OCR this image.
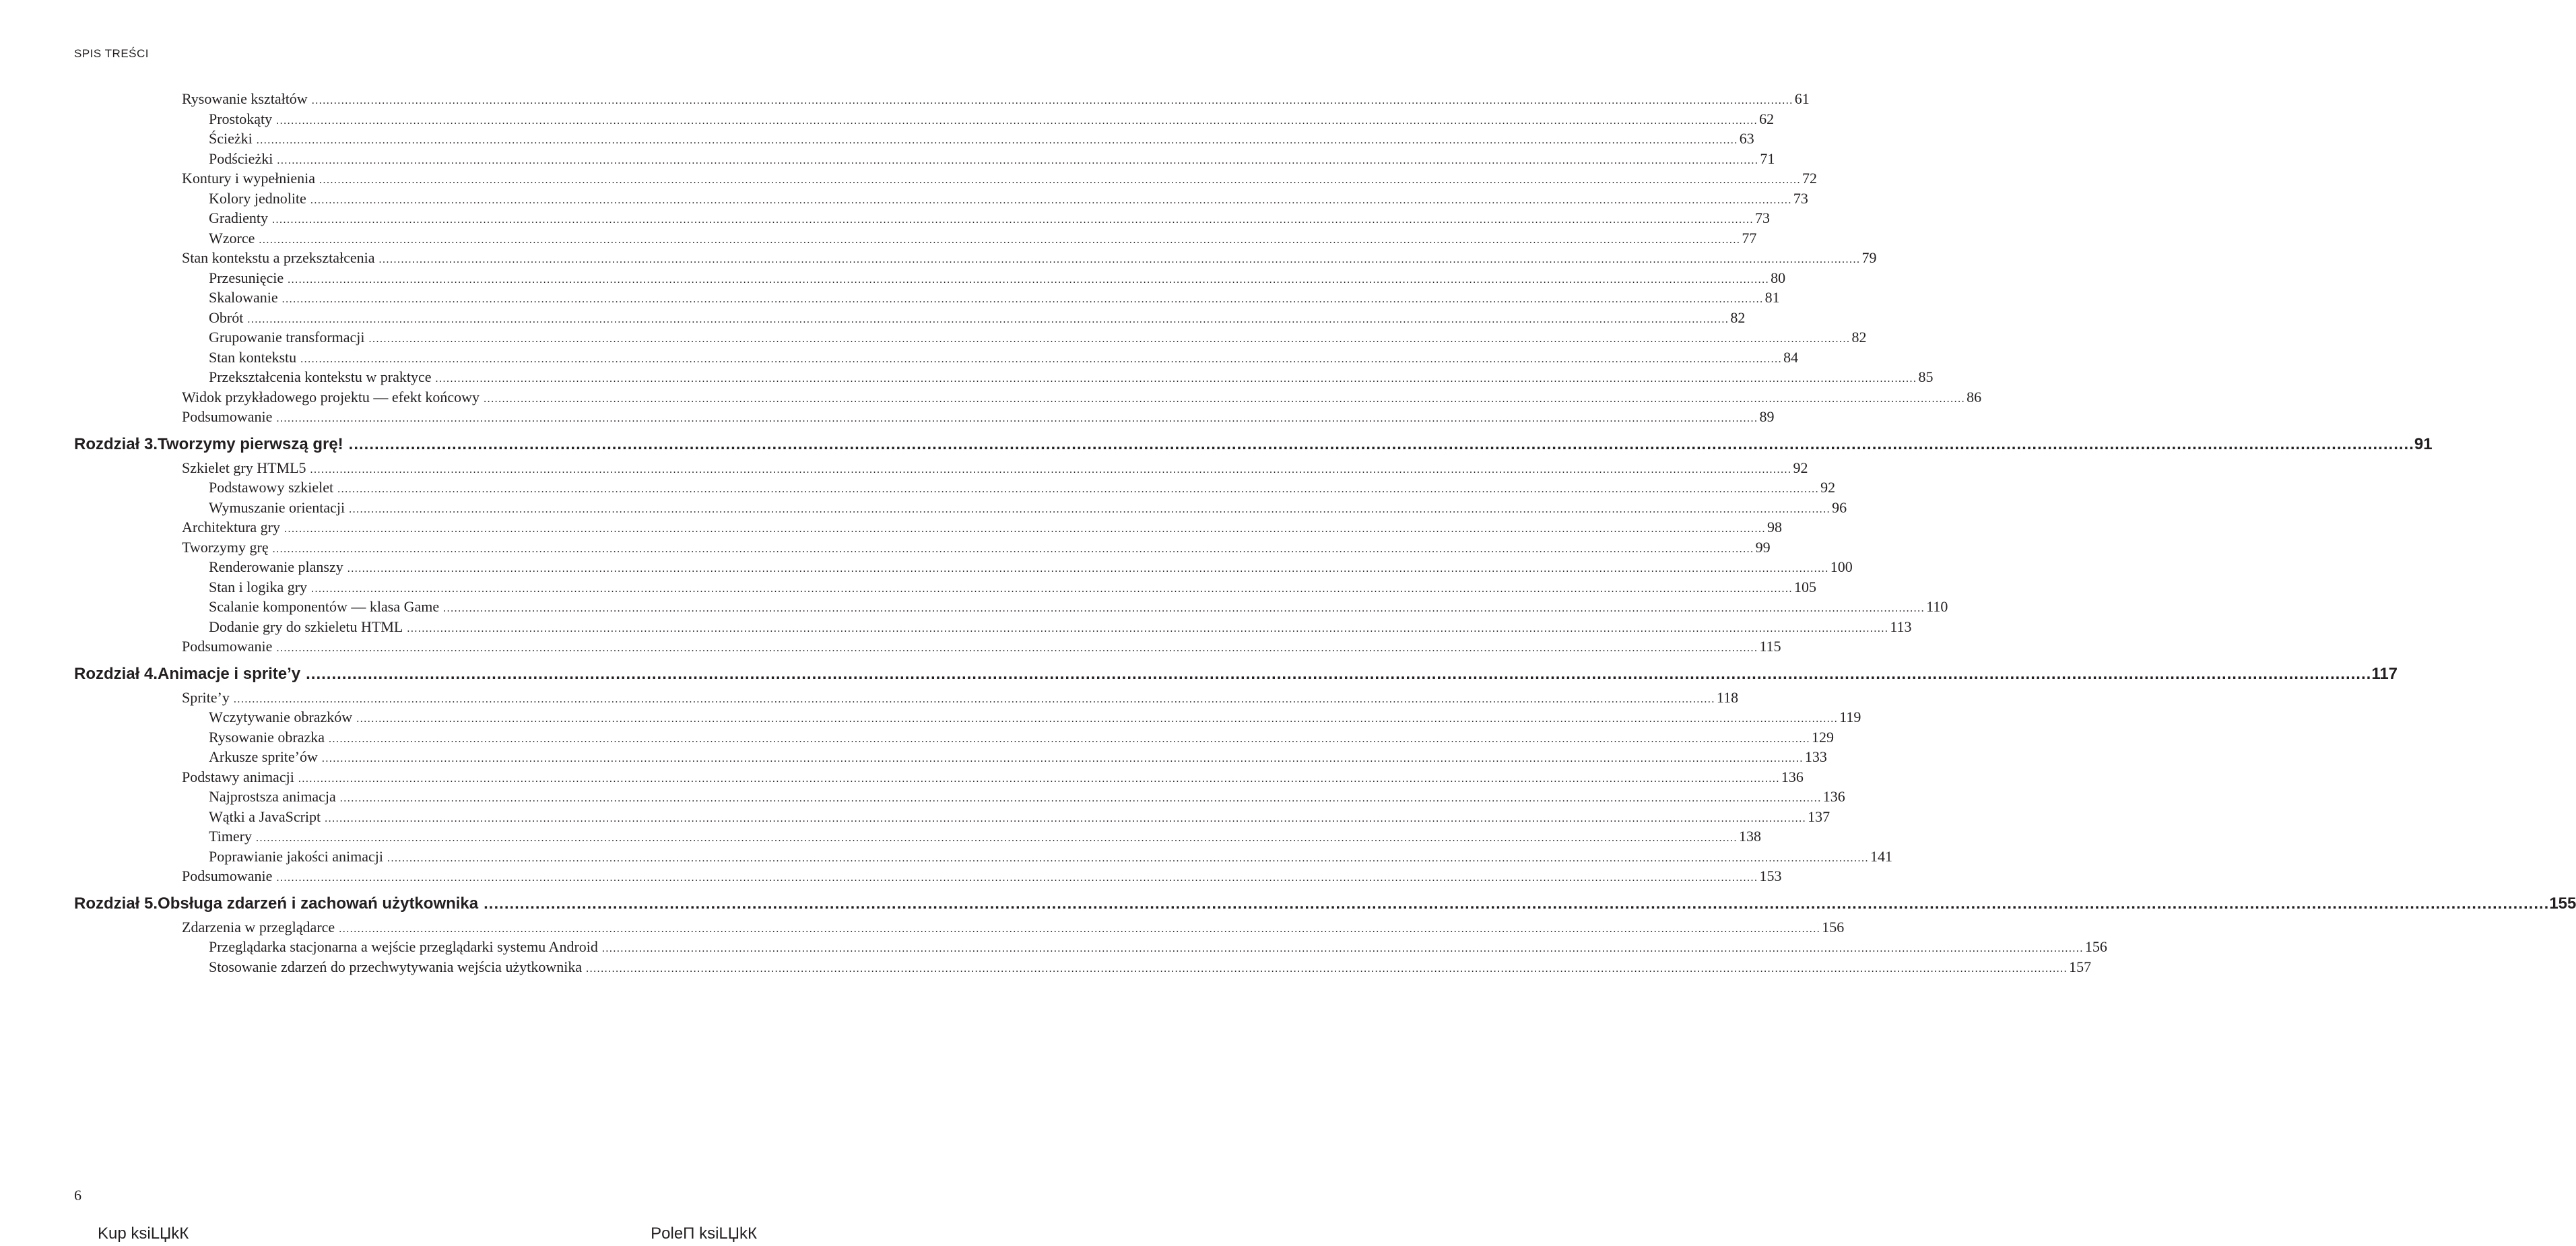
SPIS TREŚCI
Rysowanie kształtów ................................................................................................................................................................................................................................................................................................................................................................................................................ 61
Prostokąty ................................................................................................................................................................................................................................................................................................................................................................................................................ 62
Ścieżki ................................................................................................................................................................................................................................................................................................................................................................................................................ 63
Podścieżki ................................................................................................................................................................................................................................................................................................................................................................................................................ 71
Kontury i wypełnienia ................................................................................................................................................................................................................................................................................................................................................................................................................ 72
Kolory jednolite ................................................................................................................................................................................................................................................................................................................................................................................................................ 73
Gradienty ................................................................................................................................................................................................................................................................................................................................................................................................................ 73
Wzorce ................................................................................................................................................................................................................................................................................................................................................................................................................ 77
Stan kontekstu a przekształcenia ................................................................................................................................................................................................................................................................................................................................................................................................................ 79
Przesunięcie ................................................................................................................................................................................................................................................................................................................................................................................................................ 80
Skalowanie ................................................................................................................................................................................................................................................................................................................................................................................................................ 81
Obrót ................................................................................................................................................................................................................................................................................................................................................................................................................ 82
Grupowanie transformacji ................................................................................................................................................................................................................................................................................................................................................................................................................ 82
Stan kontekstu ................................................................................................................................................................................................................................................................................................................................................................................................................ 84
Przekształcenia kontekstu w praktyce ................................................................................................................................................................................................................................................................................................................................................................................................................ 85
Widok przykładowego projektu — efekt końcowy ................................................................................................................................................................................................................................................................................................................................................................................................................ 86
Podsumowanie ................................................................................................................................................................................................................................................................................................................................................................................................................ 89
Rozdział 3. Tworzymy pierwszą grę! ................................................................................................................................................................................................................................................................................................................................................................................................................ 91
Szkielet gry HTML5 ................................................................................................................................................................................................................................................................................................................................................................................................................ 92
Podstawowy szkielet ................................................................................................................................................................................................................................................................................................................................................................................................................ 92
Wymuszanie orientacji ................................................................................................................................................................................................................................................................................................................................................................................................................ 96
Architektura gry ................................................................................................................................................................................................................................................................................................................................................................................................................ 98
Tworzymy grę ................................................................................................................................................................................................................................................................................................................................................................................................................ 99
Renderowanie planszy ................................................................................................................................................................................................................................................................................................................................................................................................................ 100
Stan i logika gry ................................................................................................................................................................................................................................................................................................................................................................................................................ 105
Scalanie komponentów — klasa Game ................................................................................................................................................................................................................................................................................................................................................................................................................ 110
Dodanie gry do szkieletu HTML ................................................................................................................................................................................................................................................................................................................................................................................................................ 113
Podsumowanie ................................................................................................................................................................................................................................................................................................................................................................................................................ 115
Rozdział 4. Animacje i sprite’y ................................................................................................................................................................................................................................................................................................................................................................................................................ 117
Sprite’y ................................................................................................................................................................................................................................................................................................................................................................................................................ 118
Wczytywanie obrazków ................................................................................................................................................................................................................................................................................................................................................................................................................ 119
Rysowanie obrazka ................................................................................................................................................................................................................................................................................................................................................................................................................ 129
Arkusze sprite’ów ................................................................................................................................................................................................................................................................................................................................................................................................................ 133
Podstawy animacji ................................................................................................................................................................................................................................................................................................................................................................................................................ 136
Najprostsza animacja ................................................................................................................................................................................................................................................................................................................................................................................................................ 136
Wątki a JavaScript ................................................................................................................................................................................................................................................................................................................................................................................................................ 137
Timery ................................................................................................................................................................................................................................................................................................................................................................................................................ 138
Poprawianie jakości animacji ................................................................................................................................................................................................................................................................................................................................................................................................................ 141
Podsumowanie ................................................................................................................................................................................................................................................................................................................................................................................................................ 153
Rozdział 5. Obsługa zdarzeń i zachowań użytkownika ................................................................................................................................................................................................................................................................................................................................................................................................................ 155
Zdarzenia w przeglądarce ................................................................................................................................................................................................................................................................................................................................................................................................................ 156
Przeglądarka stacjonarna a wejście przeglądarki systemu Android ................................................................................................................................................................................................................................................................................................................................................................................................................ 156
Stosowanie zdarzeń do przechwytywania wejścia użytkownika ................................................................................................................................................................................................................................................................................................................................................................................................................ 157
6
Kup ksiLЏkК	PoleП ksiLЏkК
